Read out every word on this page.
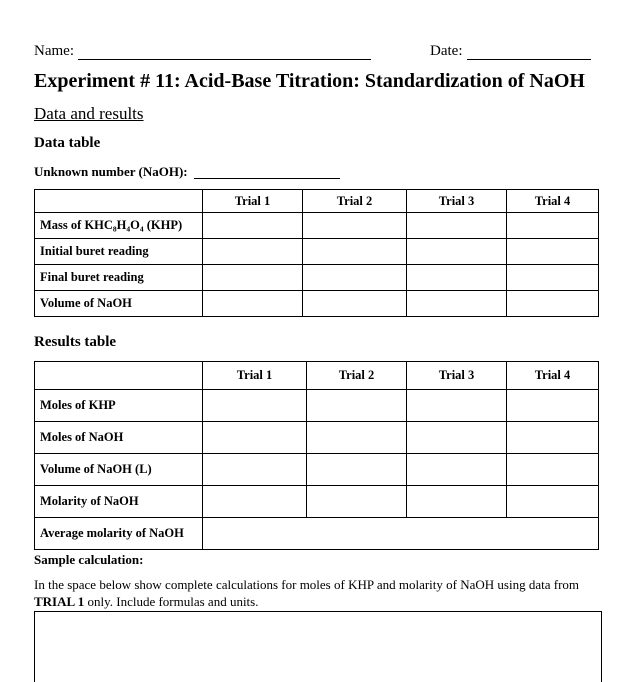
Name:	Date:
Experiment # 11: Acid-Base Titration: Standardization of NaOH
Data and results
Data table
Unknown number (NaOH):
	Trial 1	Trial 2	Trial 3	Trial 4
Mass of KHC₈H₄O₄ (KHP)				
Initial buret reading				
Final buret reading				
Volume of NaOH				
Results table
	Trial 1	Trial 2	Trial 3	Trial 4
Moles of KHP				
Moles of NaOH				
Volume of NaOH (L)				
Molarity of NaOH				
Average molarity of NaOH				
Sample calculation:
In the space below show complete calculations for moles of KHP and molarity of NaOH using data from TRIAL 1 only. Include formulas and units.
